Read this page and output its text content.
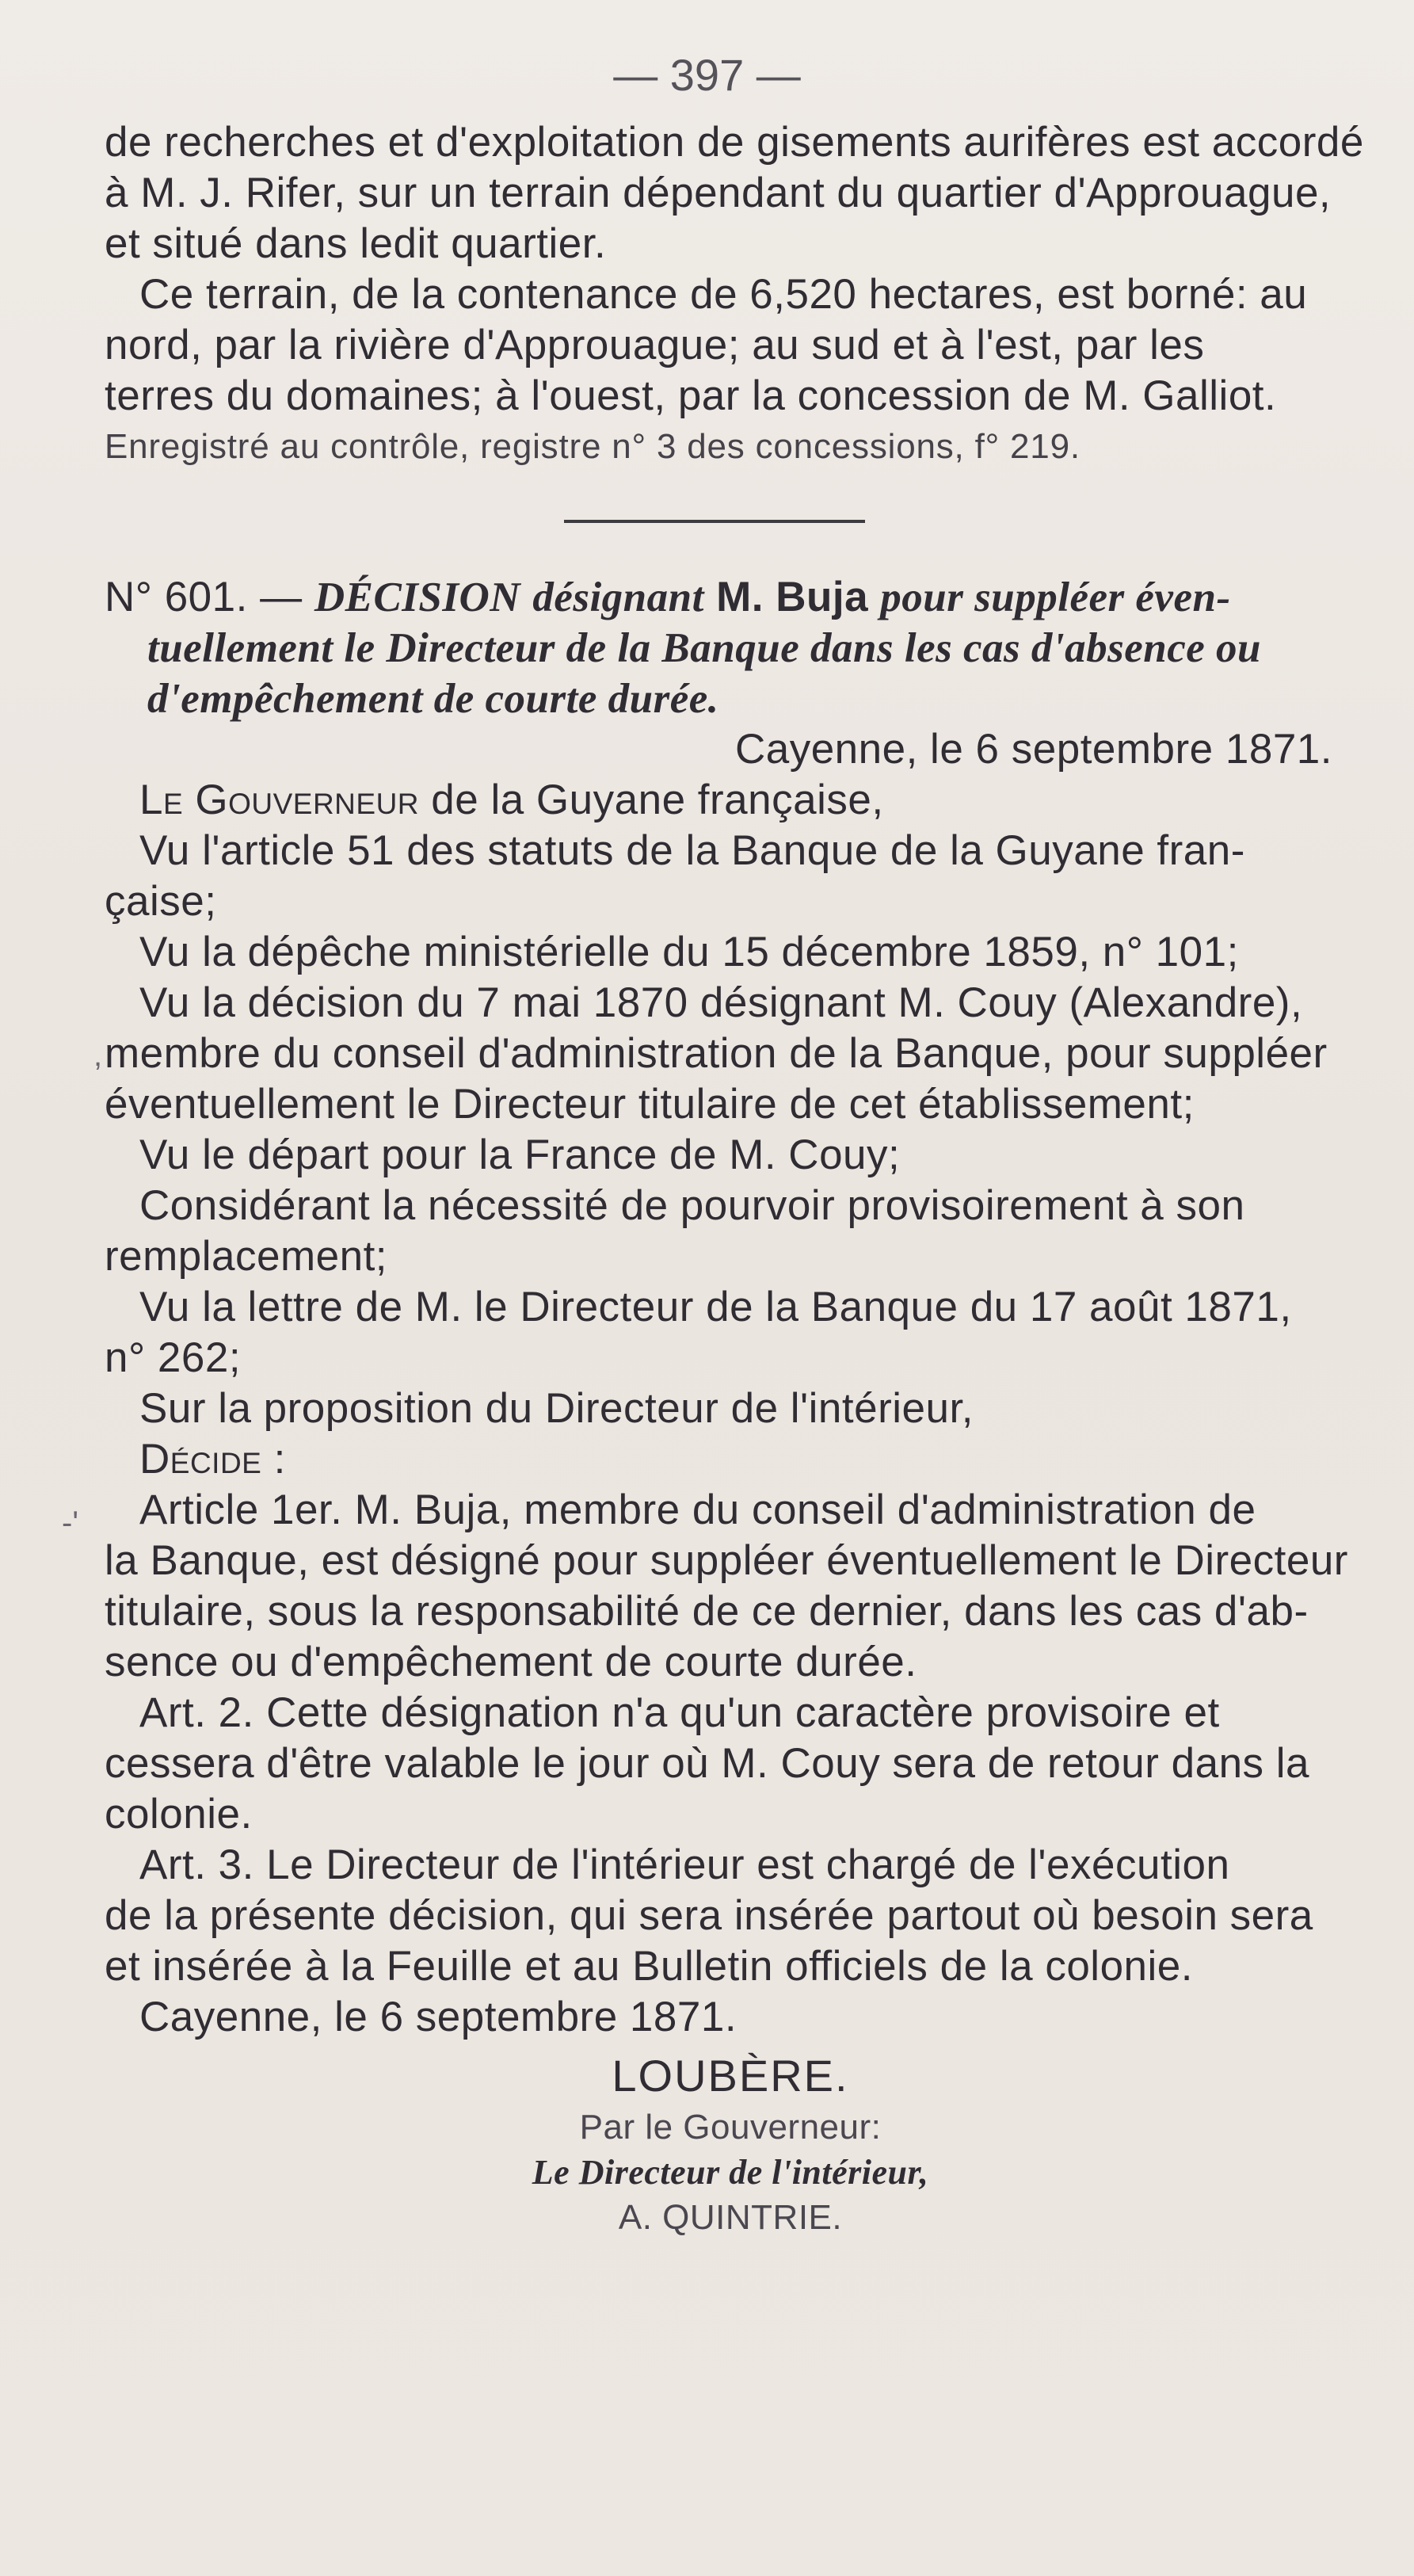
— 397 —
de recherches et d'exploitation de gisements aurifères est accordé
à M. J. Rifer, sur un terrain dépendant du quartier d'Approuague,
et situé dans ledit quartier.
Ce terrain, de la contenance de 6,520 hectares, est borné: au
nord, par la rivière d'Approuague; au sud et à l'est, par les
terres du domaines; à l'ouest, par la concession de M. Galliot.
Enregistré au contrôle, registre n° 3 des concessions, f° 219.
N° 601. — DÉCISION désignant M. Buja pour suppléer éven-
tuellement le Directeur de la Banque dans les cas d'absence ou
d'empêchement de courte durée.
Cayenne, le 6 septembre 1871.
Le Gouverneur de la Guyane française,
Vu l'article 51 des statuts de la Banque de la Guyane fran-
çaise;
Vu la dépêche ministérielle du 15 décembre 1859, n° 101;
Vu la décision du 7 mai 1870 désignant M. Couy (Alexandre),
membre du conseil d'administration de la Banque, pour suppléer
éventuellement le Directeur titulaire de cet établissement;
Vu le départ pour la France de M. Couy;
Considérant la nécessité de pourvoir provisoirement à son
remplacement;
Vu la lettre de M. le Directeur de la Banque du 17 août 1871,
n° 262;
Sur la proposition du Directeur de l'intérieur,
Décide :
Article 1er. M. Buja, membre du conseil d'administration de
la Banque, est désigné pour suppléer éventuellement le Directeur
titulaire, sous la responsabilité de ce dernier, dans les cas d'ab-
sence ou d'empêchement de courte durée.
Art. 2. Cette désignation n'a qu'un caractère provisoire et
cessera d'être valable le jour où M. Couy sera de retour dans la
colonie.
Art. 3. Le Directeur de l'intérieur est chargé de l'exécution
de la présente décision, qui sera insérée partout où besoin sera
et insérée à la Feuille et au Bulletin officiels de la colonie.
Cayenne, le 6 septembre 1871.
LOUBÈRE.
Par le Gouverneur:
Le Directeur de l'intérieur,
A. QUINTRIE.
,
-'
